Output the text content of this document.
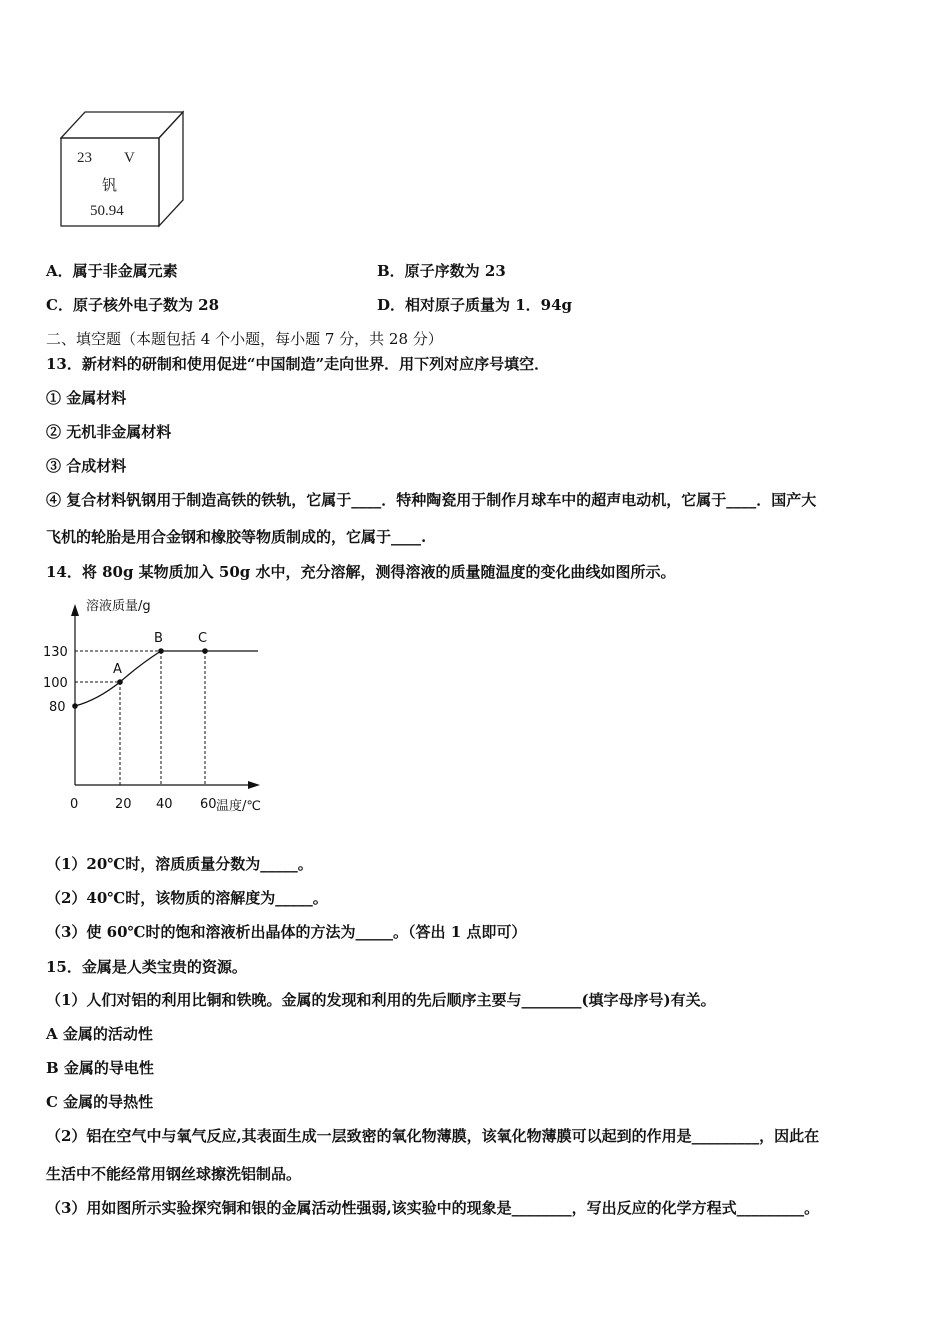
23 V
钒
50.94
A．属于非金属元素	B．原子序数为 23
C．原子核外电子数为 28	D．相对原子质量为 1．94g
二、填空题（本题包括 4 个小题，每小题 7 分，共 28 分）
13．新材料的研制和使用促进“中国制造”走向世界．用下列对应序号填空．
① 金属材料
② 无机非金属材料
③ 合成材料
④ 复合材料钒钢用于制造高铁的铁轨，它属于____．特种陶瓷用于制作月球车中的超声电动机，它属于____．国产大
飞机的轮胎是用合金钢和橡胶等物质制成的，它属于____.
14．将 80g 某物质加入 50g 水中，充分溶解，测得溶液的质量随温度的变化曲线如图所示。
溶液质量/g
温度/℃
0	20 40 60
80
100
130
A
B	C
（1）20℃时，溶质质量分数为_____。
（2）40℃时，该物质的溶解度为_____。
（3）使 60℃时的饱和溶液析出晶体的方法为_____。（答出 1 点即可）
15．金属是人类宝贵的资源。
（1）人们对铝的利用比铜和铁晚。金属的发现和利用的先后顺序主要与________(填字母序号)有关。
A 金属的活动性
B 金属的导电性
C 金属的导热性
（2）铝在空气中与氧气反应,其表面生成一层致密的氧化物薄膜，该氧化物薄膜可以起到的作用是_________，因此在
生活中不能经常用钢丝球擦洗铝制品。
（3）用如图所示实验探究铜和银的金属活动性强弱,该实验中的现象是________，写出反应的化学方程式_________。
